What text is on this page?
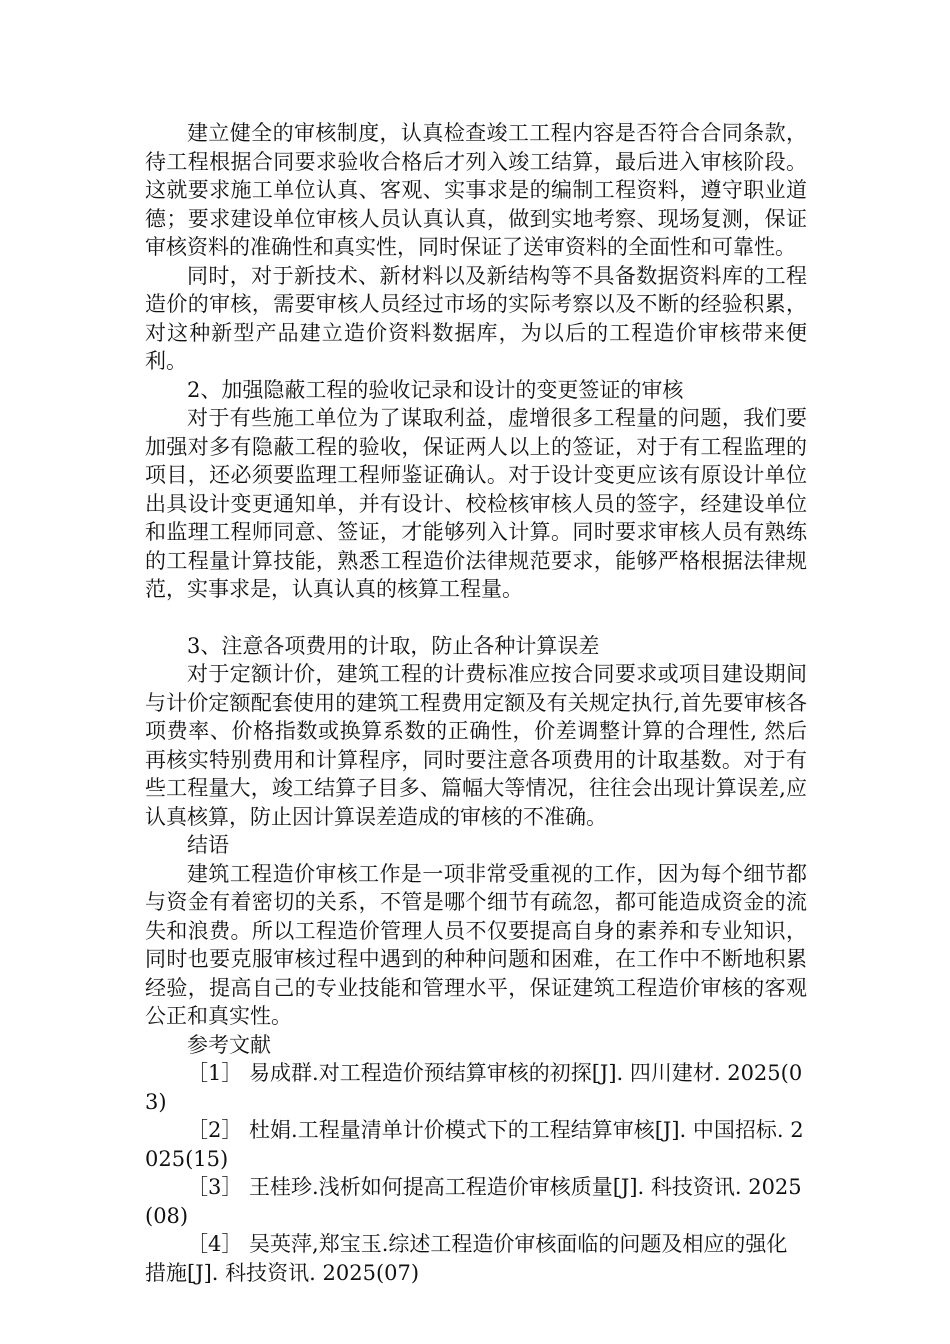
建立健全的审核制度，认真检查竣工工程内容是否符合合同条款，待工程根据合同要求验收合格后才列入竣工结算，最后进入审核阶段。这就要求施工单位认真、客观、实事求是的编制工程资料，遵守职业道德；要求建设单位审核人员认真认真，做到实地考察、现场复测，保证审核资料的准确性和真实性，同时保证了送审资料的全面性和可靠性。

同时，对于新技术、新材料以及新结构等不具备数据资料库的工程造价的审核，需要审核人员经过市场的实际考察以及不断的经验积累，对这种新型产品建立造价资料数据库，为以后的工程造价审核带来便利。

2、加强隐蔽工程的验收记录和设计的变更签证的审核

对于有些施工单位为了谋取利益，虚增很多工程量的问题，我们要加强对多有隐蔽工程的验收，保证两人以上的签证，对于有工程监理的项目，还必须要监理工程师鉴证确认。对于设计变更应该有原设计单位出具设计变更通知单，并有设计、校检核审核人员的签字，经建设单位和监理工程师同意、签证，才能够列入计算。同时要求审核人员有熟练的工程量计算技能，熟悉工程造价法律规范要求，能够严格根据法律规范，实事求是，认真认真的核算工程量。

3、注意各项费用的计取，防止各种计算误差

对于定额计价，建筑工程的计费标准应按合同要求或项目建设期间与计价定额配套使用的建筑工程费用定额及有关规定执行,首先要审核各项费率、价格指数或换算系数的正确性，价差调整计算的合理性, 然后再核实特别费用和计算程序，同时要注意各项费用的计取基数。对于有些工程量大，竣工结算子目多、篇幅大等情况，往往会出现计算误差,应认真核算，防止因计算误差造成的审核的不准确。

结语

建筑工程造价审核工作是一项非常受重视的工作，因为每个细节都与资金有着密切的关系，不管是哪个细节有疏忽，都可能造成资金的流失和浪费。所以工程造价管理人员不仅要提高自身的素养和专业知识，同时也要克服审核过程中遇到的种种问题和困难，在工作中不断地积累经验，提高自己的专业技能和管理水平，保证建筑工程造价审核的客观公正和真实性。

参考文献

［1］ 易成群.对工程造价预结算审核的初探[J]. 四川建材. 2025(03)

［2］ 杜娟.工程量清单计价模式下的工程结算审核[J]. 中国招标. 2025(15)

［3］ 王桂珍.浅析如何提高工程造价审核质量[J]. 科技资讯. 2025(08)

［4］ 吴英萍,郑宝玉.综述工程造价审核面临的问题及相应的强化措施[J]. 科技资讯. 2025(07)
